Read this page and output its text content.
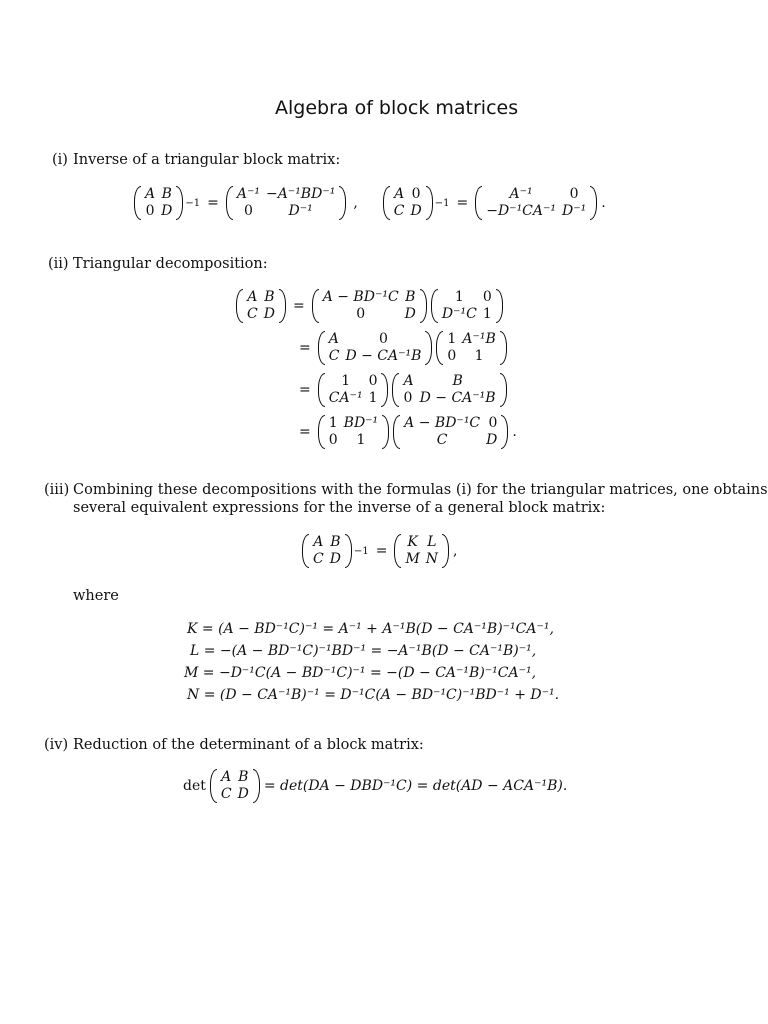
Algebra of block matrices
(i) Inverse of a triangular block matrix:
A	B
0	D −1 =
A⁻¹	−A⁻¹BD⁻¹
0	D⁻¹	,
A	0
C	D −1 =
A⁻¹	0
−D⁻¹CA⁻¹	D⁻¹ .
(ii) Triangular decomposition:
A	B
C	D =
A − BD⁻¹C	B
0	D
1	0
D⁻¹C	1
=
A	0
C	D − CA⁻¹B
1	A⁻¹B
0	1
=
1	0
CA⁻¹	1
A	B
0	D − CA⁻¹B
=
1	BD⁻¹
0	1
A − BD⁻¹C	0
C	D .
(iii) Combining these decompositions with the formulas (i) for the triangular matrices, one obtains
several equivalent expressions for the inverse of a general block matrix:
A	B
C	D −1 =
K	L
M	N ,
where
K = (A − BD⁻¹C)⁻¹ = A⁻¹ + A⁻¹B(D − CA⁻¹B)⁻¹CA⁻¹,
L = −(A − BD⁻¹C)⁻¹BD⁻¹ = −A⁻¹B(D − CA⁻¹B)⁻¹,
M = −D⁻¹C(A − BD⁻¹C)⁻¹ = −(D − CA⁻¹B)⁻¹CA⁻¹,
N = (D − CA⁻¹B)⁻¹ = D⁻¹C(A − BD⁻¹C)⁻¹BD⁻¹ + D⁻¹.
(iv) Reduction of the determinant of a block matrix:
det
A	B
C	D = det(DA − DBD⁻¹C) = det(AD − ACA⁻¹B).
